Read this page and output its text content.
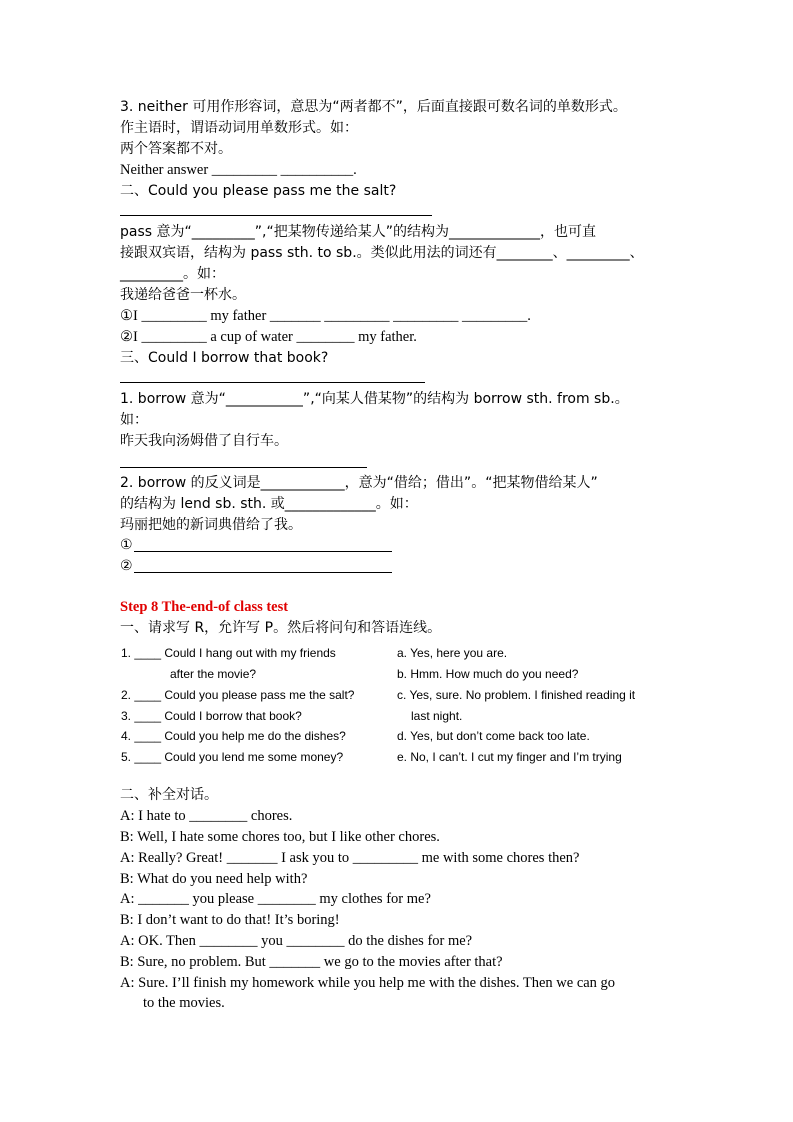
3. neither 可用作形容词，意思为“两者都不”，后面直接跟可数名词的单数形式。
作主语时，谓语动词用单数形式。如：
两个答案都不对。
Neither answer _________ __________.
二、Could you please pass me the salt?
pass 意为“_________”,“把某物传递给某人”的结构为_____________，也可直
接跟双宾语，结构为 pass sth. to sb.。类似此用法的词还有________、_________、
_________。如：
我递给爸爸一杯水。
①I _________ my father _______ _________ _________ _________.
②I _________ a cup of water ________ my father.
三、Could I borrow that book?
1. borrow 意为“___________”,“向某人借某物”的结构为 borrow sth. from sb.。
如：
昨天我向汤姆借了自行车。
2. borrow 的反义词是____________，意为“借给；借出”。“把某物借给某人”
的结构为 lend sb. sth. 或_____________。如：
玛丽把她的新词典借给了我。
①
②
Step 8 The-end-of class test
一、请求写 R，允许写 P。然后将问句和答语连线。
1. ____ Could I hang out with my friends
after the movie?
2. ____ Could you please pass me the salt?
3. ____ Could I borrow that book?
4. ____ Could you help me do the dishes?
5. ____ Could you lend me some money?
a. Yes, here you are.
b. Hmm. How much do you need?
c. Yes, sure. No problem. I finished reading it
last night.
d. Yes, but don’t come back too late.
e. No, I can’t. I cut my finger and I’m trying
二、补全对话。
A: I hate to ________ chores.
B: Well, I hate some chores too, but I like other chores.
A: Really? Great! _______ I ask you to _________ me with some chores then?
B: What do you need help with?
A: _______ you please ________ my clothes for me?
B: I don’t want to do that! It’s boring!
A: OK. Then ________ you ________ do the dishes for me?
B: Sure, no problem. But _______ we go to the movies after that?
A: Sure. I’ll finish my homework while you help me with the dishes. Then we can go
to the movies.
